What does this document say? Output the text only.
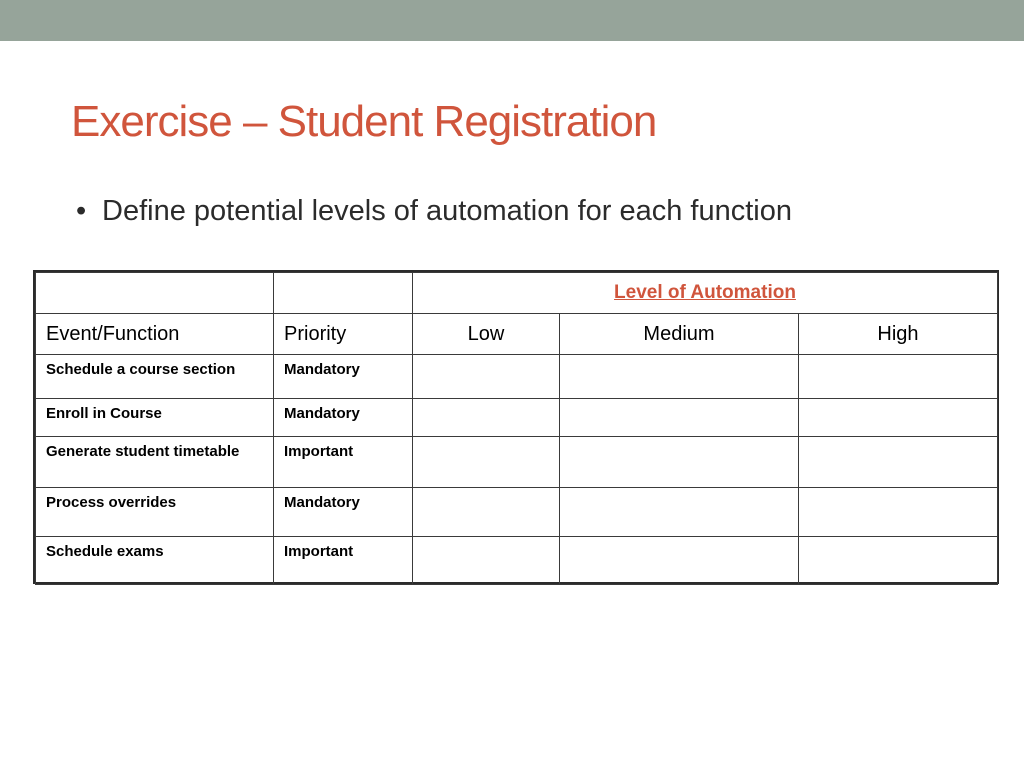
Exercise – Student Registration
• Define potential levels of automation for each function
		Level of Automation		
Event/Function	Priority	Low	Medium	High
Schedule a course section	Mandatory			
Enroll in Course	Mandatory			
Generate student timetable	Important			
Process overrides	Mandatory			
Schedule exams	Important			
